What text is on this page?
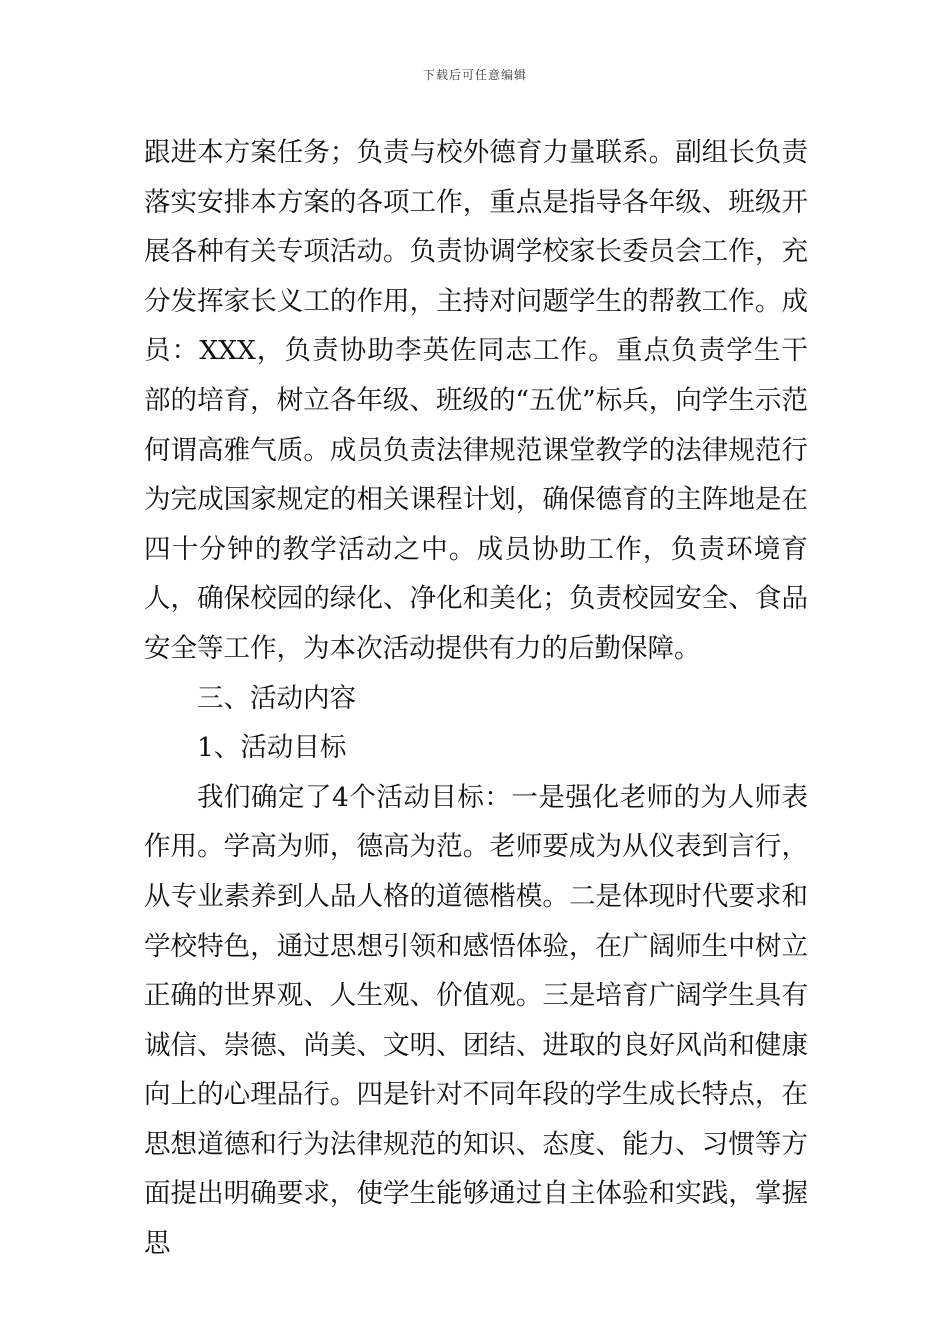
下载后可任意编辑

跟进本方案任务；负责与校外德育力量联系。副组长负责落实安排本方案的各项工作，重点是指导各年级、班级开展各种有关专项活动。负责协调学校家长委员会工作，充分发挥家长义工的作用，主持对问题学生的帮教工作。成员：XXX，负责协助李英佐同志工作。重点负责学生干部的培育，树立各年级、班级的“五优”标兵，向学生示范何谓高雅气质。成员负责法律规范课堂教学的法律规范行为完成国家规定的相关课程计划，确保德育的主阵地是在四十分钟的教学活动之中。成员协助工作，负责环境育人，确保校园的绿化、净化和美化；负责校园安全、食品安全等工作，为本次活动提供有力的后勤保障。

三、活动内容

1、活动目标

我们确定了4个活动目标：一是强化老师的为人师表作用。学高为师，德高为范。老师要成为从仪表到言行，从专业素养到人品人格的道德楷模。二是体现时代要求和学校特色，通过思想引领和感悟体验，在广阔师生中树立正确的世界观、人生观、价值观。三是培育广阔学生具有诚信、崇德、尚美、文明、团结、进取的良好风尚和健康向上的心理品行。四是针对不同年段的学生成长特点，在思想道德和行为法律规范的知识、态度、能力、习惯等方面提出明确要求，使学生能够通过自主体验和实践，掌握思
